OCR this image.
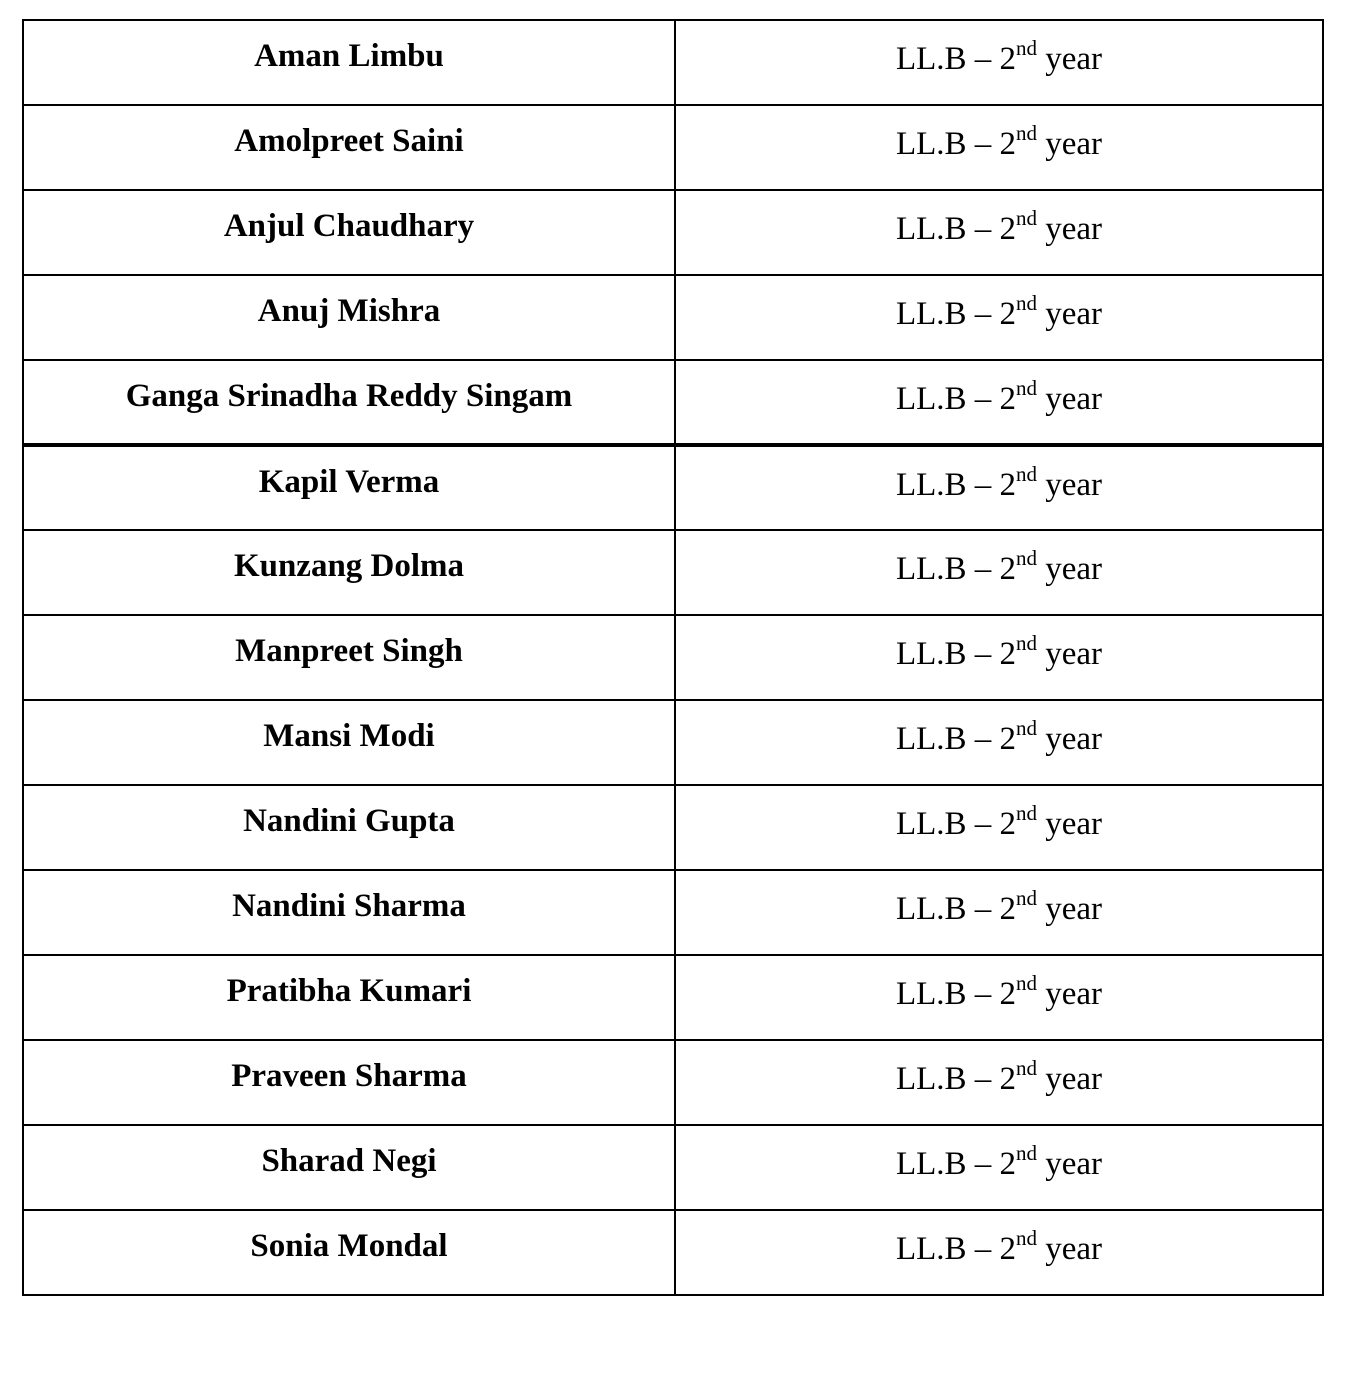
Aman Limbu	LL.B – 2nd year
Amolpreet Saini	LL.B – 2nd year
Anjul Chaudhary	LL.B – 2nd year
Anuj Mishra	LL.B – 2nd year
Ganga Srinadha Reddy Singam	LL.B – 2nd year
Kapil Verma	LL.B – 2nd year
Kunzang Dolma	LL.B – 2nd year
Manpreet Singh	LL.B – 2nd year
Mansi Modi	LL.B – 2nd year
Nandini Gupta	LL.B – 2nd year
Nandini Sharma	LL.B – 2nd year
Pratibha Kumari	LL.B – 2nd year
Praveen Sharma	LL.B – 2nd year
Sharad Negi	LL.B – 2nd year
Sonia Mondal	LL.B – 2nd year
